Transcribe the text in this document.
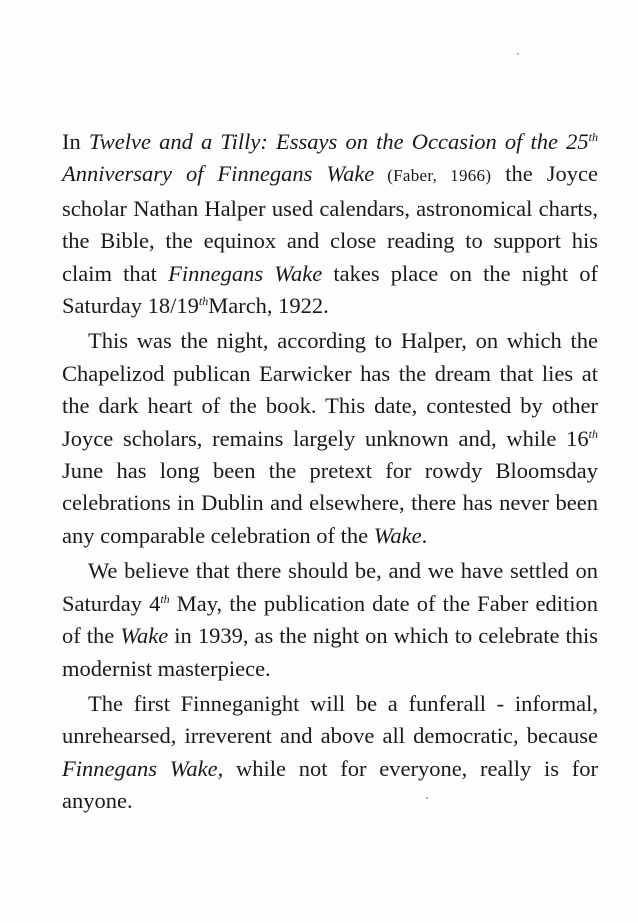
In Twelve and a Tilly: Essays on the Occasion of the 25th Anniversary of Finnegans Wake (Faber, 1966) the Joyce scholar Nathan Halper used calendars, astronomical charts, the Bible, the equinox and close reading to support his claim that Finnegans Wake takes place on the night of Saturday 18/19thMarch, 1922.

This was the night, according to Halper, on which the Chapelizod publican Earwicker has the dream that lies at the dark heart of the book. This date, contested by other Joyce scholars, remains largely unknown and, while 16th June has long been the pretext for rowdy Bloomsday celebrations in Dublin and elsewhere, there has never been any comparable celebration of the Wake.

We believe that there should be, and we have settled on Saturday 4th May, the publication date of the Faber edition of the Wake in 1939, as the night on which to celebrate this modernist masterpiece.

The first Finneganight will be a funferall - informal, unrehearsed, irreverent and above all democratic, because Finnegans Wake, while not for everyone, really is for anyone.
